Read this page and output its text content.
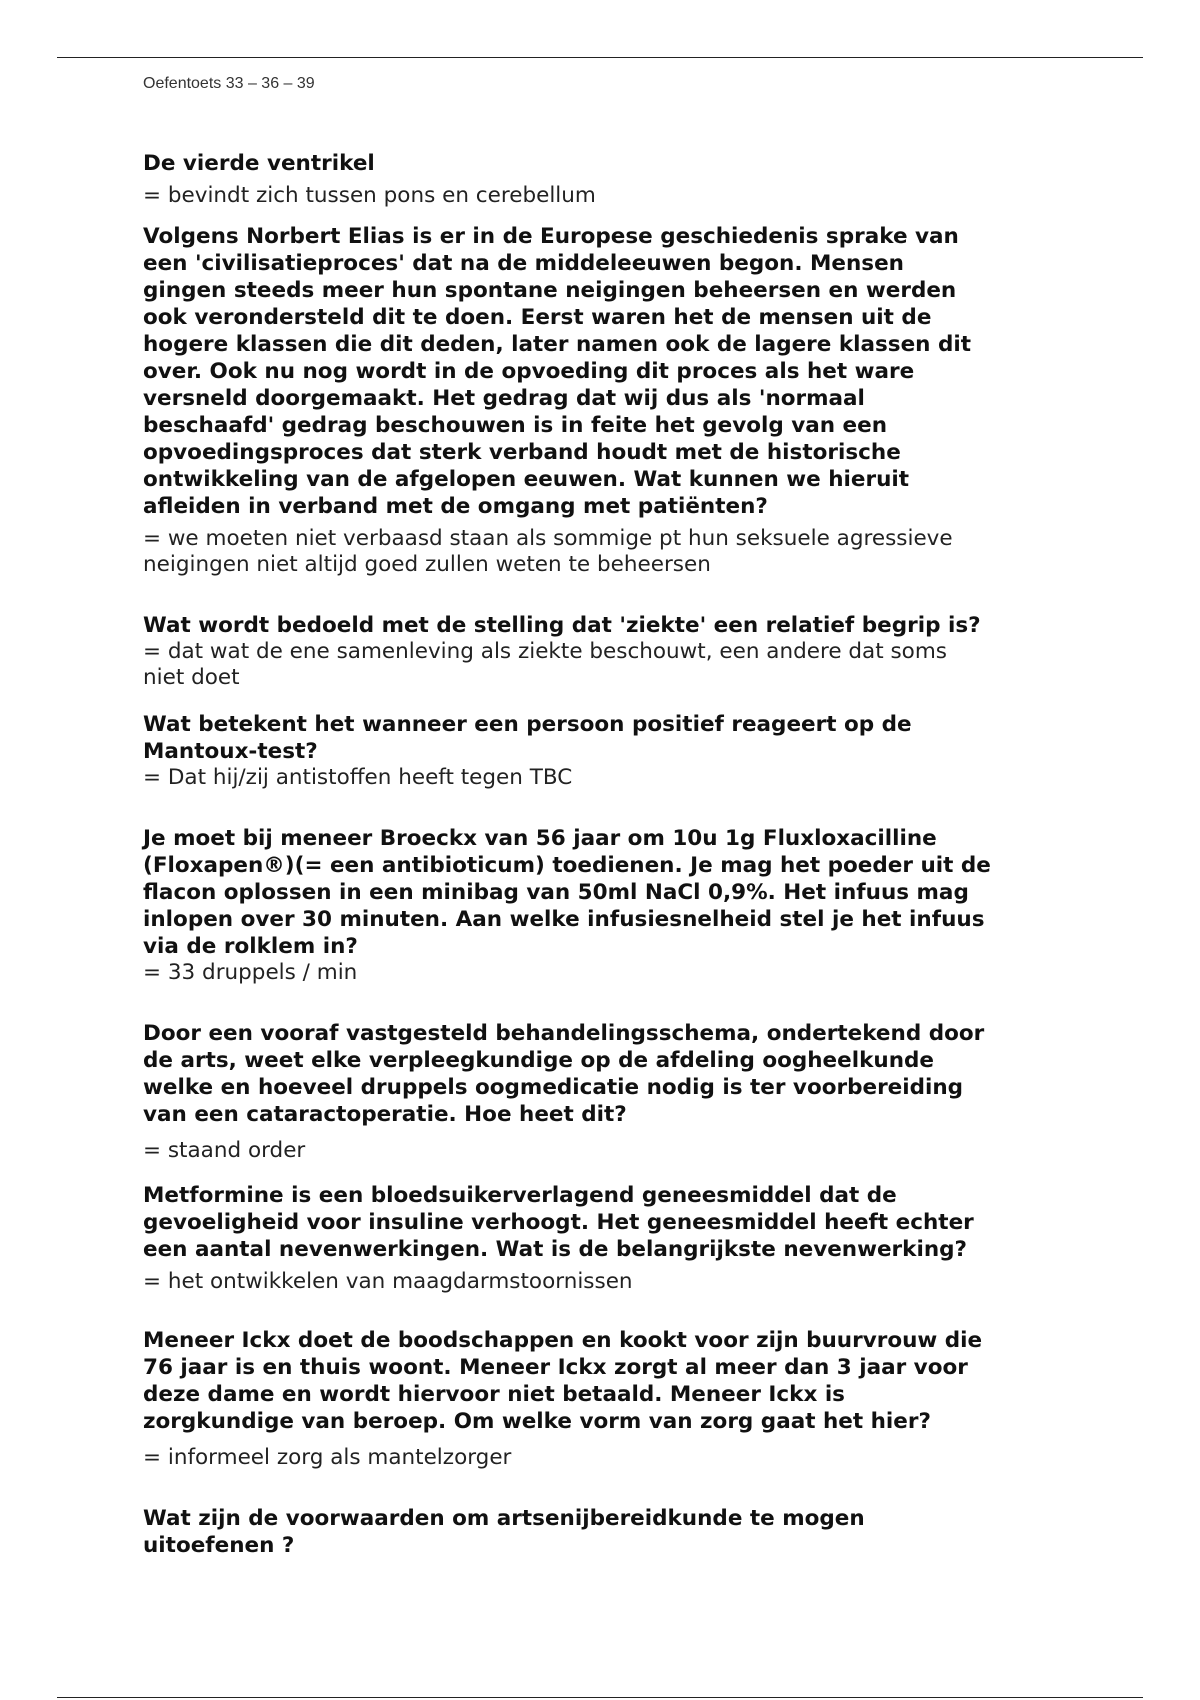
Oefentoets 33 – 36 – 39

De vierde ventrikel

= bevindt zich tussen pons en cerebellum

Volgens Norbert Elias is er in de Europese geschiedenis sprake van
een 'civilisatieproces' dat na de middeleeuwen begon. Mensen
gingen steeds meer hun spontane neigingen beheersen en werden
ook verondersteld dit te doen. Eerst waren het de mensen uit de
hogere klassen die dit deden, later namen ook de lagere klassen dit
over. Ook nu nog wordt in de opvoeding dit proces als het ware
versneld doorgemaakt. Het gedrag dat wij dus als 'normaal
beschaafd' gedrag beschouwen is in feite het gevolg van een
opvoedingsproces dat sterk verband houdt met de historische
ontwikkeling van de afgelopen eeuwen. Wat kunnen we hieruit
afleiden in verband met de omgang met patiënten?

= we moeten niet verbaasd staan als sommige pt hun seksuele agressieve
neigingen niet altijd goed zullen weten te beheersen

Wat wordt bedoeld met de stelling dat 'ziekte' een relatief begrip is?

= dat wat de ene samenleving als ziekte beschouwt, een andere dat soms
niet doet

Wat betekent het wanneer een persoon positief reageert op de
Mantoux-test?

= Dat hij/zij antistoffen heeft tegen TBC

Je moet bij meneer Broeckx van 56 jaar om 10u 1g Fluxloxacilline
(Floxapen®)(= een antibioticum) toedienen. Je mag het poeder uit de
flacon oplossen in een minibag van 50ml NaCl 0,9%. Het infuus mag
inlopen over 30 minuten. Aan welke infusiesnelheid stel je het infuus
via de rolklem in?

= 33 druppels / min

Door een vooraf vastgesteld behandelingsschema, ondertekend door
de arts, weet elke verpleegkundige op de afdeling oogheelkunde
welke en hoeveel druppels oogmedicatie nodig is ter voorbereiding
van een cataractoperatie. Hoe heet dit?

= staand order

Metformine is een bloedsuikerverlagend geneesmiddel dat de
gevoeligheid voor insuline verhoogt. Het geneesmiddel heeft echter
een aantal nevenwerkingen. Wat is de belangrijkste nevenwerking?

= het ontwikkelen van maagdarmstoornissen

Meneer Ickx doet de boodschappen en kookt voor zijn buurvrouw die
76 jaar is en thuis woont. Meneer Ickx zorgt al meer dan 3 jaar voor
deze dame en wordt hiervoor niet betaald. Meneer Ickx is
zorgkundige van beroep. Om welke vorm van zorg gaat het hier?

= informeel zorg als mantelzorger

Wat zijn de voorwaarden om artsenijbereidkunde te mogen
uitoefenen ?
